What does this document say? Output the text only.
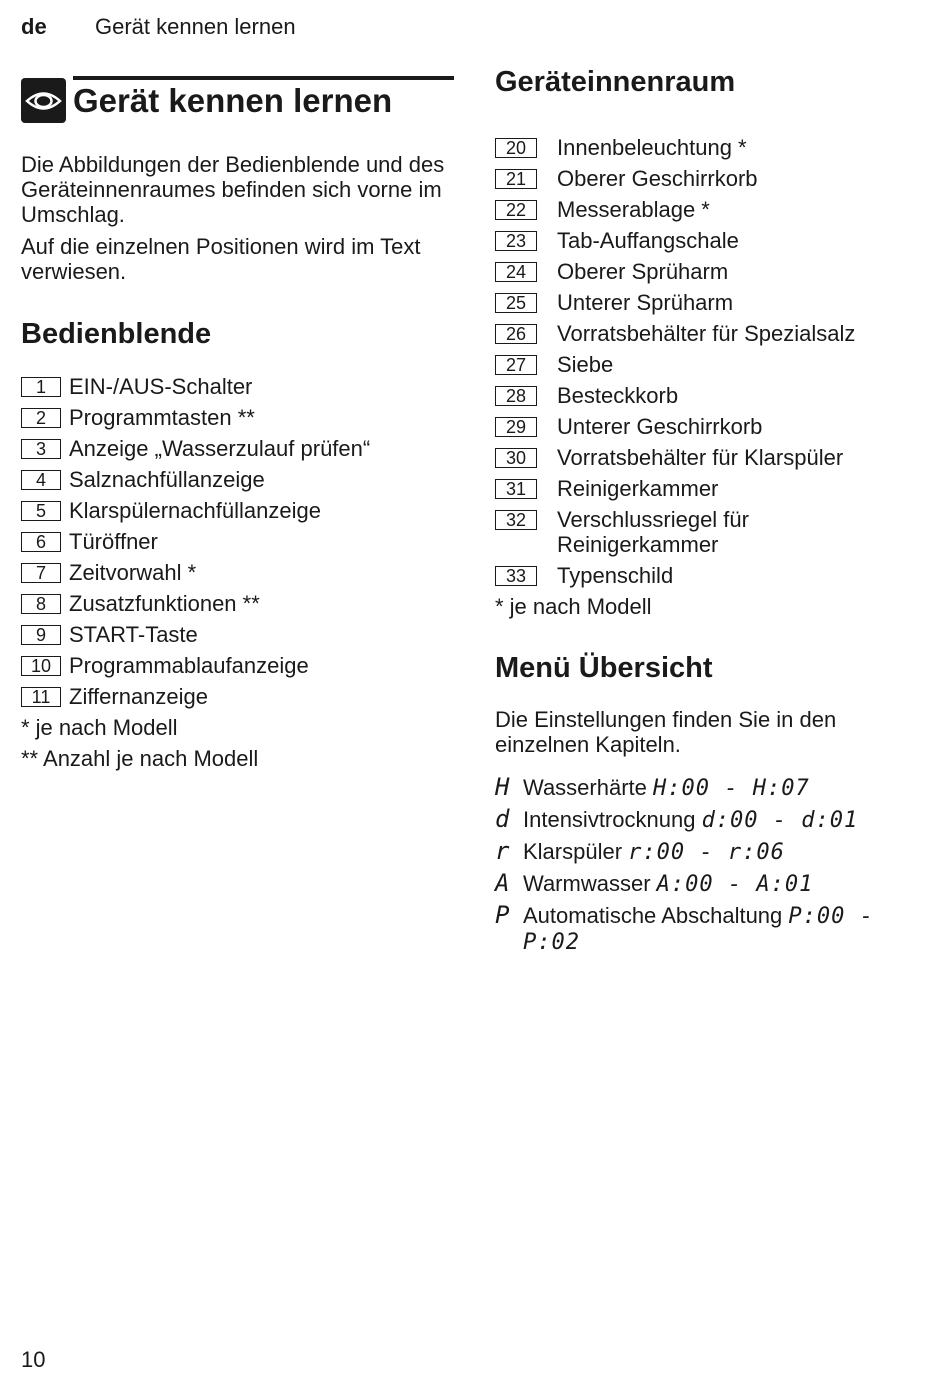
de Gerät kennen lernen
Gerät kennen lernen

Die Abbildungen der Bedienblende und des Geräteinnenraumes befinden sich vorne im Umschlag.

Auf die einzelnen Positionen wird im Text verwiesen.

Bedienblende
1	EIN-/AUS-Schalter
2	Programmtasten **
3	Anzeige „Wasserzulauf prüfen“
4	Salznachfüllanzeige
5	Klarspülernachfüllanzeige
6	Türöffner
7	Zeitvorwahl *
8	Zusatzfunktionen **
9	START-Taste
10 Programmablaufanzeige
11 Ziffernanzeige

* je nach Modell

** Anzahl je nach Modell

Geräteinnenraum
20	Innenbeleuchtung *
21	Oberer Geschirrkorb
22	Messerablage *
23	Tab-Auffangschale
24	Oberer Sprüharm
25	Unterer Sprüharm
26	Vorratsbehälter für Spezialsalz
27	Siebe
28	Besteckkorb
29	Unterer Geschirrkorb
30	Vorratsbehälter für Klarspüler
31	Reinigerkammer
32	Verschlussriegel für Reinigerkammer
33	Typenschild

* je nach Modell

Menü Übersicht

Die Einstellungen finden Sie in den einzelnen Kapiteln.

H Wasserhärte H:00 - H:07
d Intensivtrocknung d:00 - d:01
r Klarspüler r:00 - r:06
A Warmwasser A:00 - A:01
P Automatische Abschaltung P:00 - P:02
10
